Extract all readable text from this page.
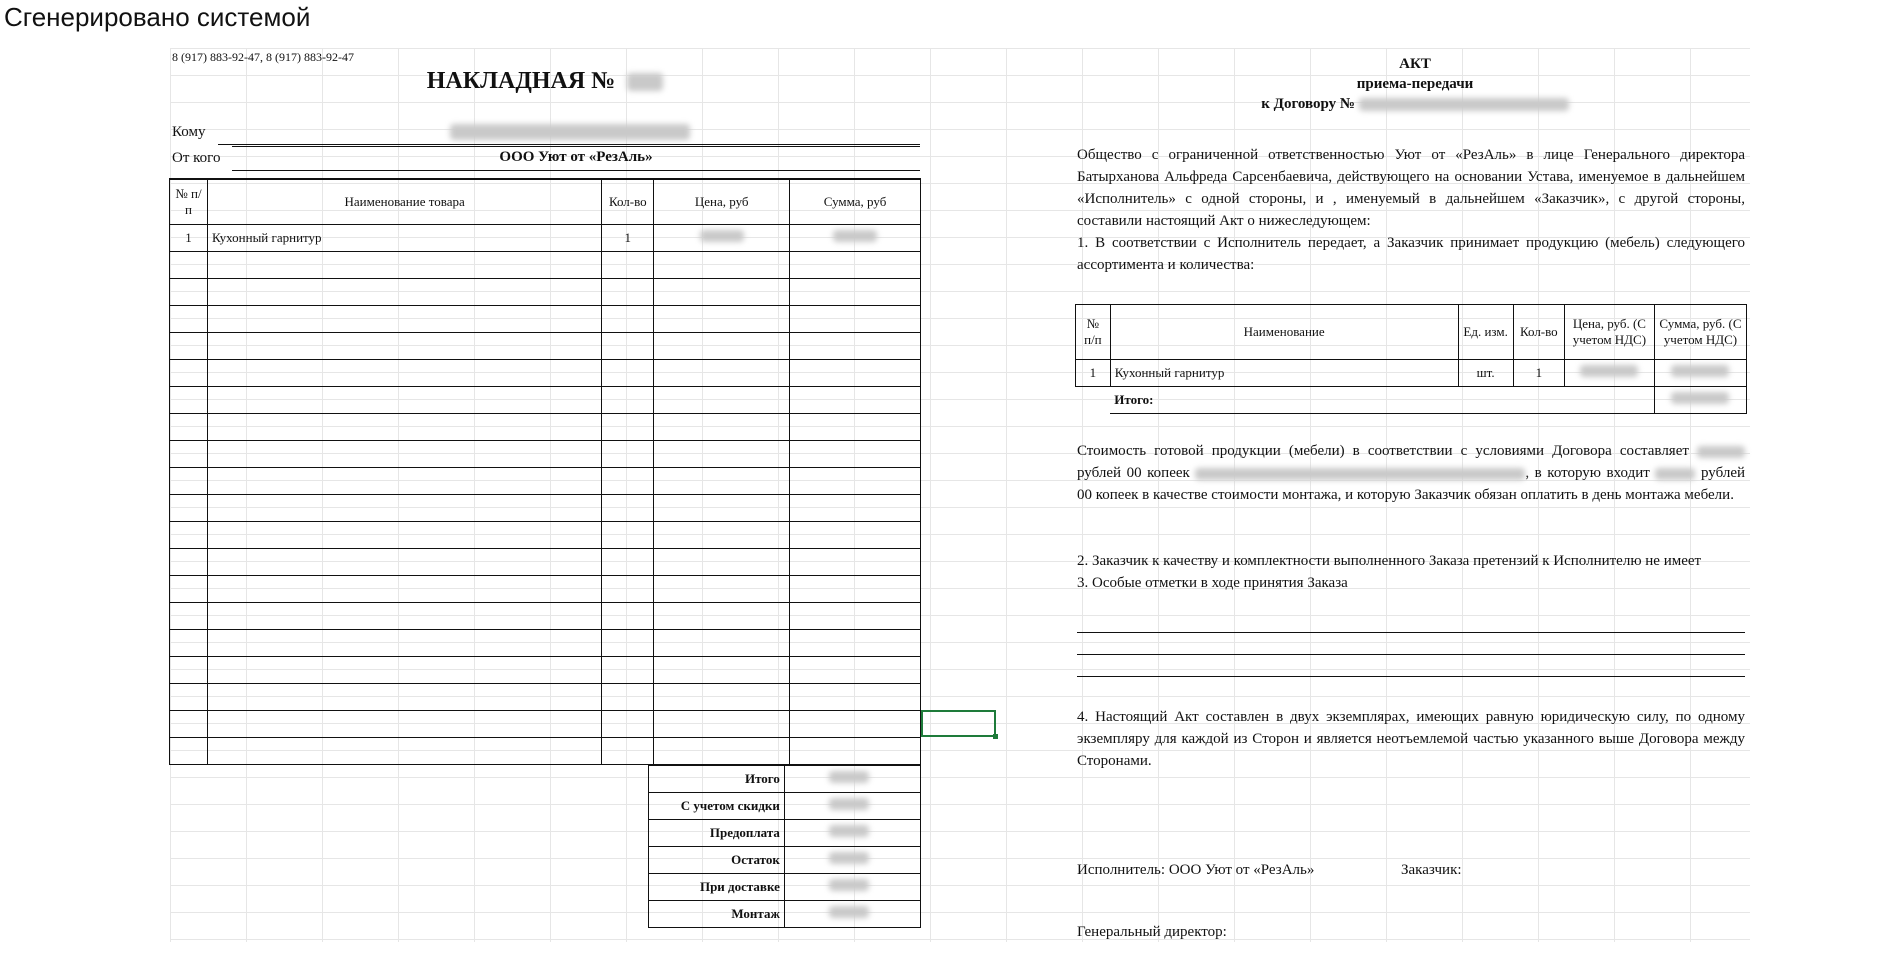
Сгенерировано системой
8 (917) 883-92-47, 8 (917) 883-92-47
НАКЛАДНАЯ №
Кому
От кого	ООО Уют от «РезАль»
№ п/п	Наименование товара	Кол-во	Цена, руб	Сумма, руб
1	Кухонный гарнитур	1		

Итого	
С учетом скидки	
Предоплата	
Остаток	
При доставке	
Монтаж	
АКТ
приема-передачи
к Договору №
Общество с ограниченной ответственностью Уют от «РезАль» в лице Генерального директора Батырханова Альфреда Сарсенбаевича, действующего на основании Устава, именуемое в дальнейшем «Исполнитель» с одной стороны, и , именуемый в дальнейшем «Заказчик», с другой стороны, составили настоящий Акт о нижеследующем:
1. В соответствии с Исполнитель передает, а Заказчик принимает продукцию (мебель) следующего ассортимента и количества:
№ п/п	Наименование	Ед. изм.	Кол-во	Цена, руб. (С учетом НДС)	Сумма, руб. (С учетом НДС)
1	Кухонный гарнитур	шт.	1		
	Итого:				
Стоимость готовой продукции (мебели) в соответствии с условиями Договора составляет  рублей 00 копеек	, в которую входит	рублей 00 копеек в качестве стоимости монтажа, и которую Заказчик обязан оплатить в день монтажа мебели.
2. Заказчик к качеству и комплектности выполненного Заказа претензий к Исполнителю не имеет
3. Особые отметки в ходе принятия Заказа
4. Настоящий Акт составлен в двух экземплярах, имеющих равную юридическую силу, по одному экземпляру для каждой из Сторон и является неотъемлемой частью указанного выше Договора между Сторонами.
Исполнитель: ООО Уют от «РезАль»	Заказчик:
Генеральный директор:
